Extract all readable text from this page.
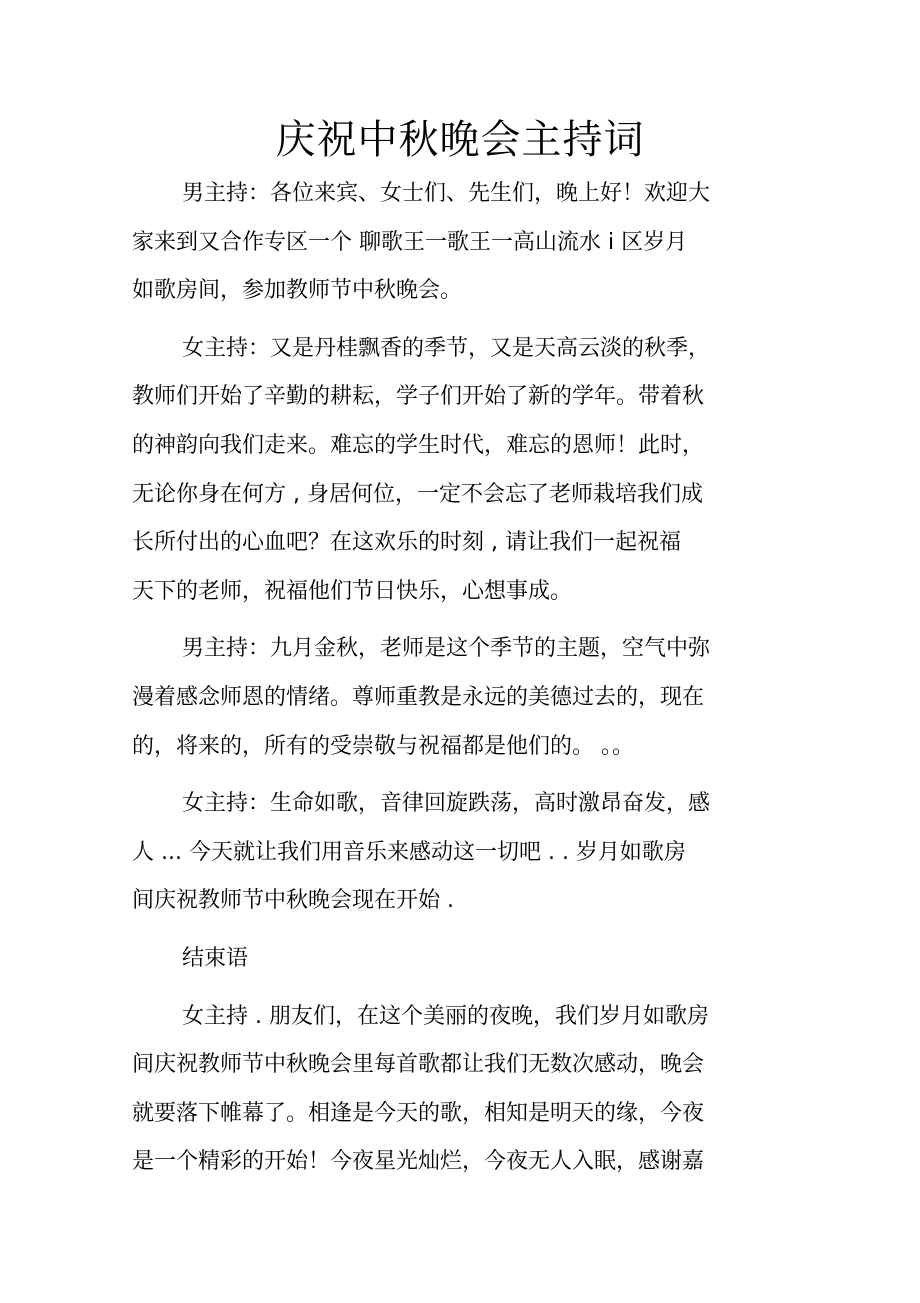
庆祝中秋晚会主持词

男主持：各位来宾、女士们、先生们，晚上好！欢迎大
家来到又合作专区一个 聊歌王一歌王一高山流水 i 区岁月
如歌房间，参加教师节中秋晚会。

女主持：又是丹桂飘香的季节，又是天高云淡的秋季，
教师们开始了辛勤的耕耘，学子们开始了新的学年。带着秋
的神韵向我们走来。难忘的学生时代，难忘的恩师！此时，
无论你身在何方 , 身居何位，一定不会忘了老师栽培我们成
长所付出的心血吧？在这欢乐的时刻 , 请让我们一起祝福
天下的老师，祝福他们节日快乐，心想事成。

男主持：九月金秋，老师是这个季节的主题，空气中弥
漫着感念师恩的情绪。尊师重教是永远的美德过去的，现在
的，将来的，所有的受崇敬与祝福都是他们的。 。。

女主持：生命如歌，音律回旋跌荡，高时激昂奋发，感
人 ... 今天就让我们用音乐来感动这一切吧 . . 岁月如歌房
间庆祝教师节中秋晚会现在开始 .

结束语

女主持 . 朋友们，在这个美丽的夜晚，我们岁月如歌房
间庆祝教师节中秋晚会里每首歌都让我们无数次感动，晚会
就要落下帷幕了。相逢是今天的歌，相知是明天的缘，今夜
是一个精彩的开始！今夜星光灿烂，今夜无人入眠，感谢嘉
